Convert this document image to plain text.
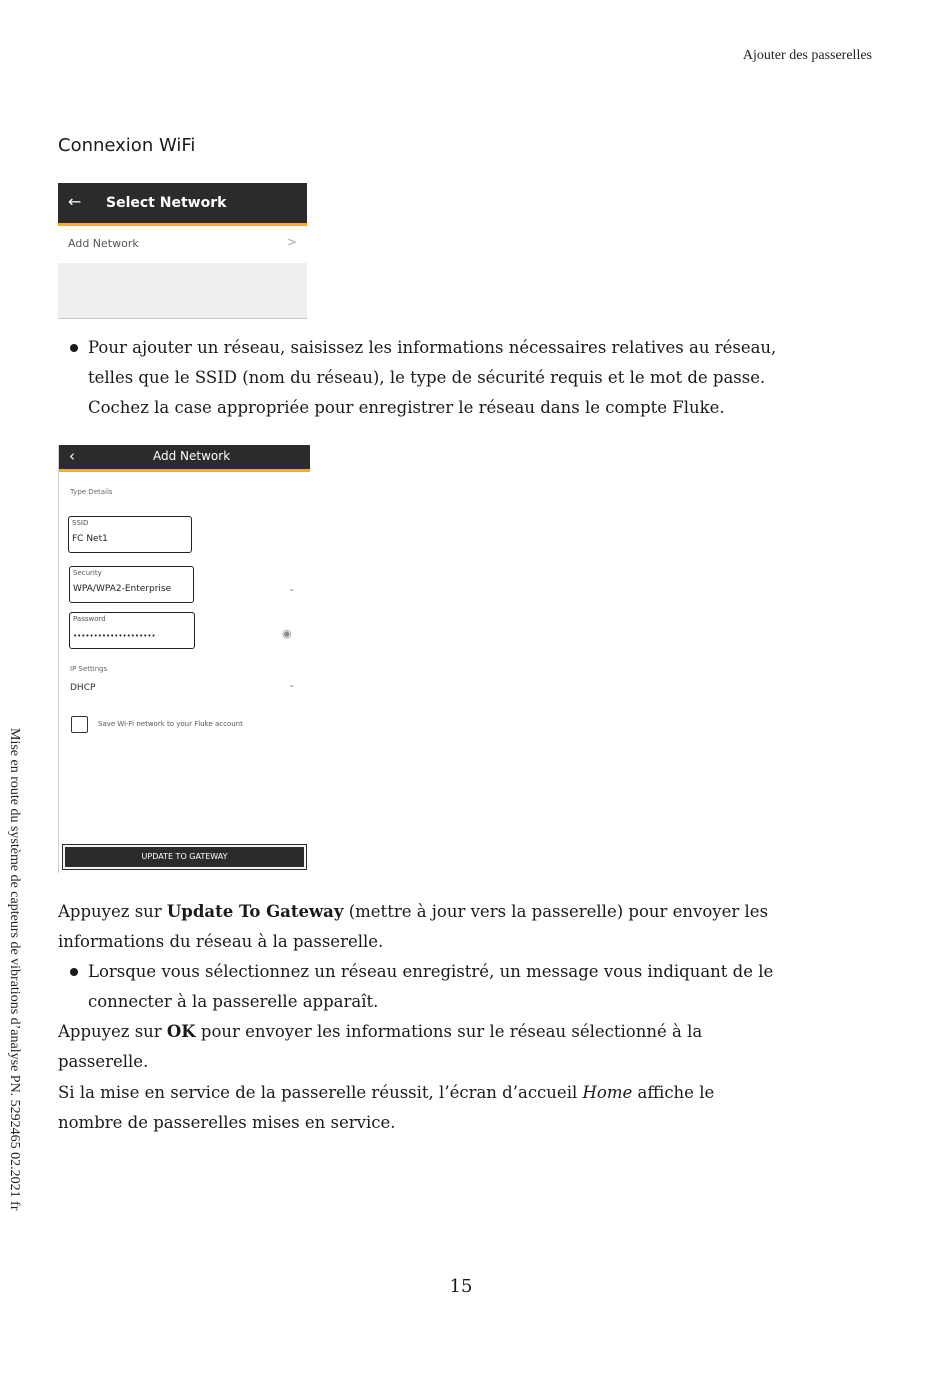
Ajouter des passerelles
Mise en route du système de capteurs de vibrations d’analyse PN. 5292465 02.2021 fr
Connexion WiFi
← Select Network
Add Network	>
Pour ajouter un réseau, saisissez les informations nécessaires relatives au réseau,
telles que le SSID (nom du réseau), le type de sécurité requis et le mot de passe.
Cochez la case appropriée pour enregistrer le réseau dans le compte Fluke.
‹	Add Network
Type Details
SSID
FC Net1
Security
WPA/WPA2-Enterprise	⌄
Password
••••••••••••••••••••	◉
IP Settings
DHCP	⌄
Save Wi-Fi network to your Fluke account
UPDATE TO GATEWAY
Appuyez sur Update To Gateway (mettre à jour vers la passerelle) pour envoyer les
informations du réseau à la passerelle.
Lorsque vous sélectionnez un réseau enregistré, un message vous indiquant de le
connecter à la passerelle apparaît.
Appuyez sur OK pour envoyer les informations sur le réseau sélectionné à la
passerelle.
Si la mise en service de la passerelle réussit, l’écran d’accueil Home affiche le
nombre de passerelles mises en service.
15
